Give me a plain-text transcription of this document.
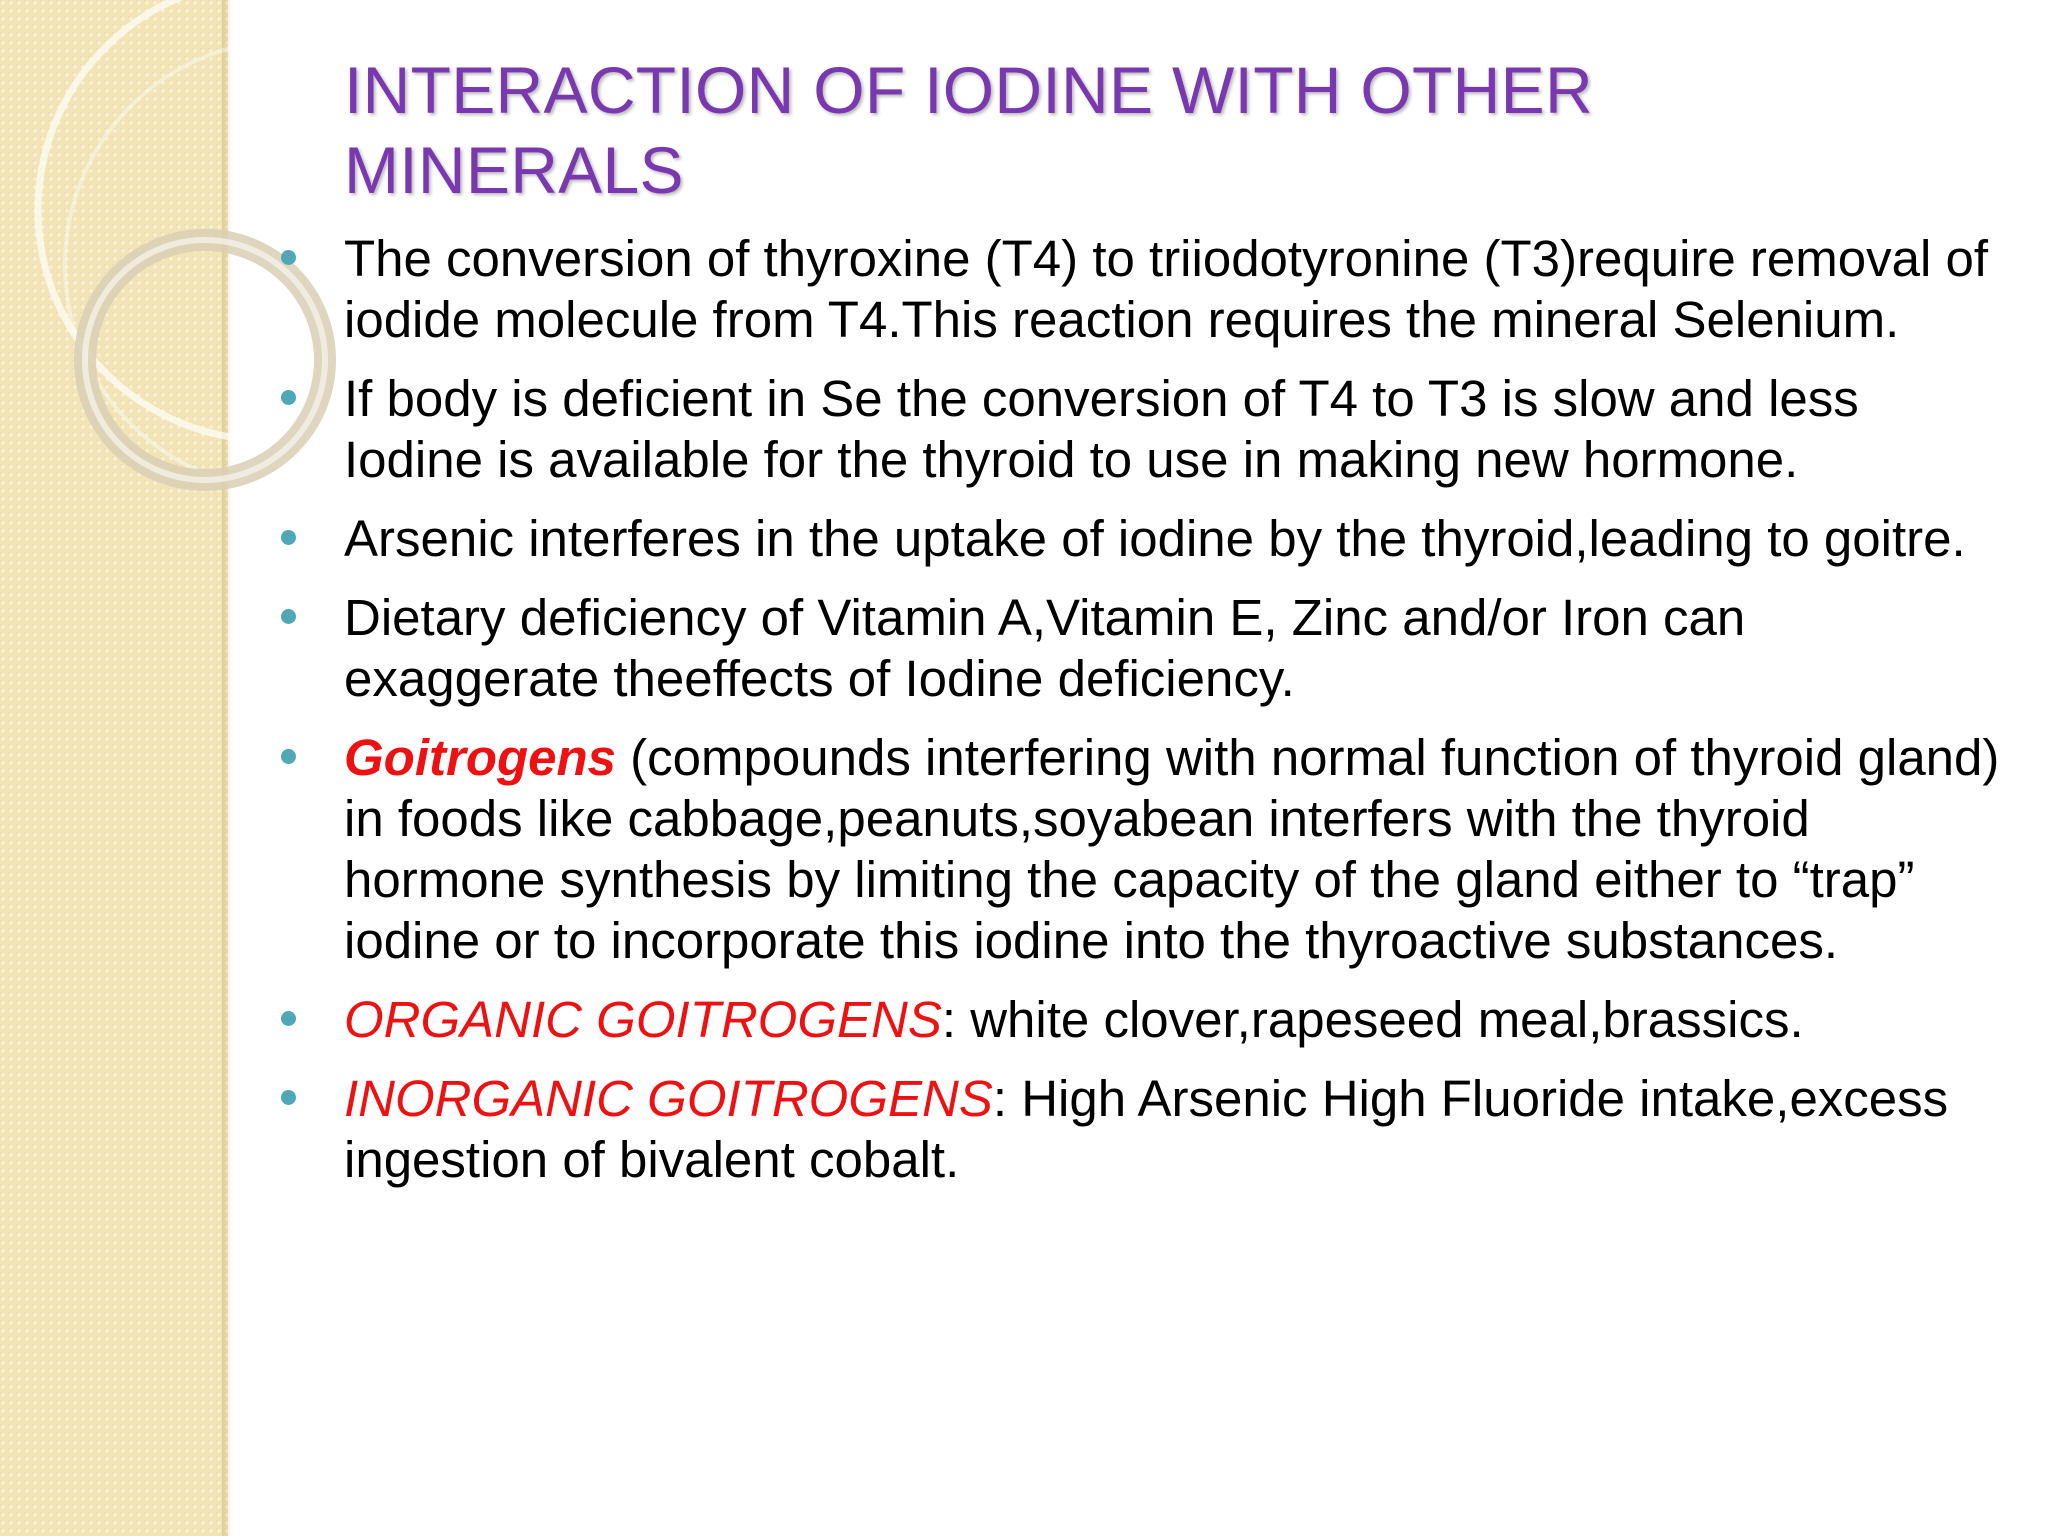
INTERACTION OF IODINE WITH OTHER MINERALS
The conversion of thyroxine (T4) to triiodotyronine (T3)require removal of iodide molecule from T4.This reaction requires the mineral Selenium.
If body is deficient in Se the conversion of T4 to T3 is slow and less Iodine is available for the thyroid to use in making new hormone.
Arsenic interferes in the uptake of iodine by the thyroid,leading to goitre.
Dietary deficiency of Vitamin A,Vitamin E, Zinc and/or Iron can exaggerate theeffects of Iodine deficiency.
Goitrogens (compounds interfering with normal function of thyroid gland) in foods like cabbage,peanuts,soyabean interfers with the thyroid hormone synthesis by limiting the capacity of the gland either to “trap” iodine or to incorporate this iodine into the thyroactive substances.
ORGANIC GOITROGENS: white clover,rapeseed meal,brassics.
INORGANIC GOITROGENS: High Arsenic High Fluoride intake,excess ingestion of bivalent cobalt.
